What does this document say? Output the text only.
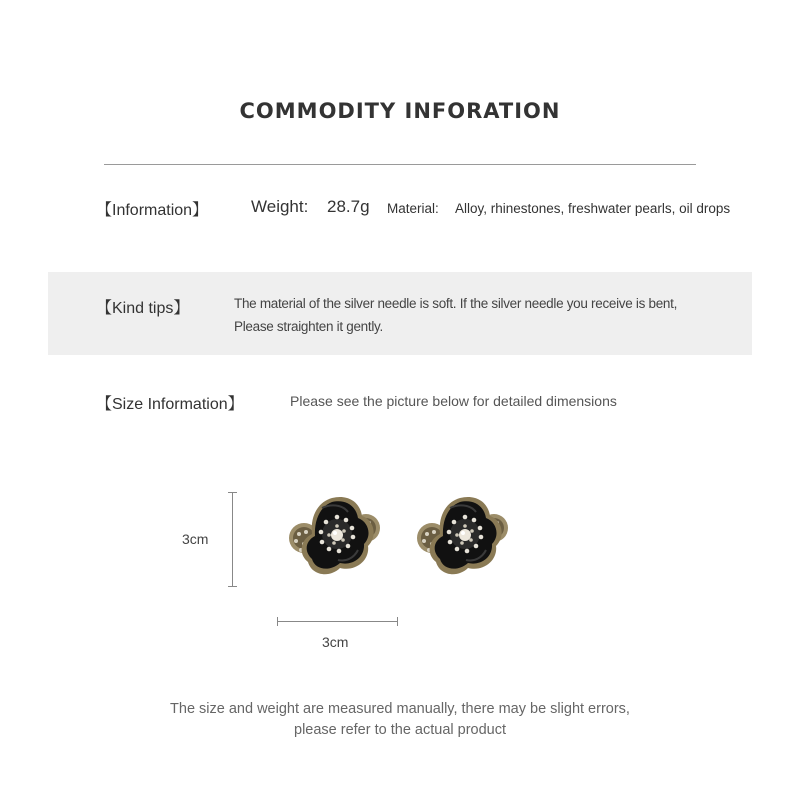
COMMODITY INFORATION
【Information】	Weight: 28.7g Material: Alloy, rhinestones, freshwater pearls, oil drops
【Kind tips】	The material of the silver needle is soft. If the silver needle you receive is bent,
Please straighten it gently.
【Size Information】	Please see the picture below for detailed dimensions
3cm
3cm
The size and weight are measured manually, there may be slight errors,
please refer to the actual product
